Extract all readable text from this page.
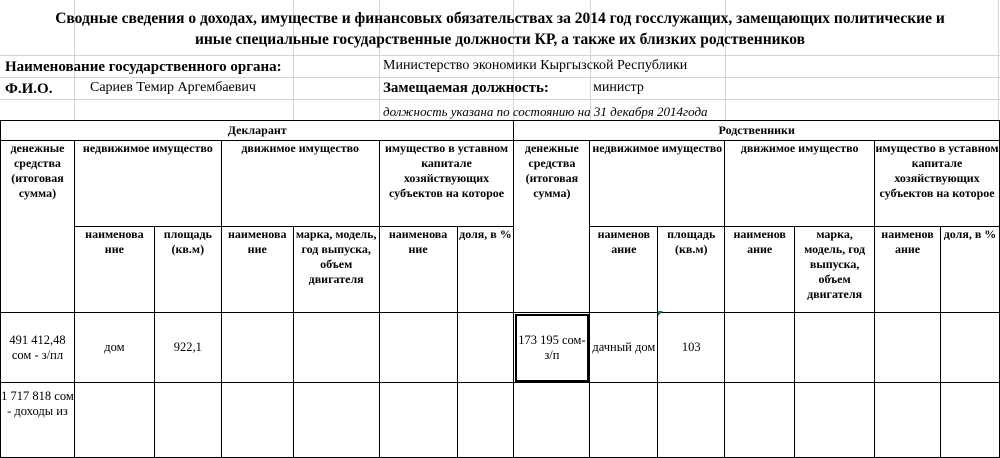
Сводные сведения о доходах, имуществе и финансовых обязательствах за 2014 год госслужащих, замещающих политические и иные специальные государственные должности КР, а также их близких родственников
Наименование государственного органа:	Министерство экономики Кыргызской Республики
Ф.И.О.	Сариев Темир Аргембаевич	Замещаемая должность:	министр
должность указана по состоянию на 31 декабря 2014года
Декларант							Родственники						
денежные средства (итоговая сумма)	недвижимое имущество		движимое имущество		имущество в уставном капитале хозяйствующих субъектов на которое		денежные средства (итоговая сумма)	недвижимое имущество		движимое имущество		имущество в уставном капитале хозяйствующих субъектов на которое	
	наименова ние	площадь (кв.м)	наименова ние	марка, модель, год выпуска, объем двигателя	наименова ние	доля, в %		наименов ание	площадь (кв.м)	наименов ание	марка, модель, год выпуска, объем двигателя	наименов ание	доля, в %
491 412,48 сом - з/пл	дом	922,1					173 195 сом- з/п	дачный дом	103				
1 717 818 сом - доходы из													
